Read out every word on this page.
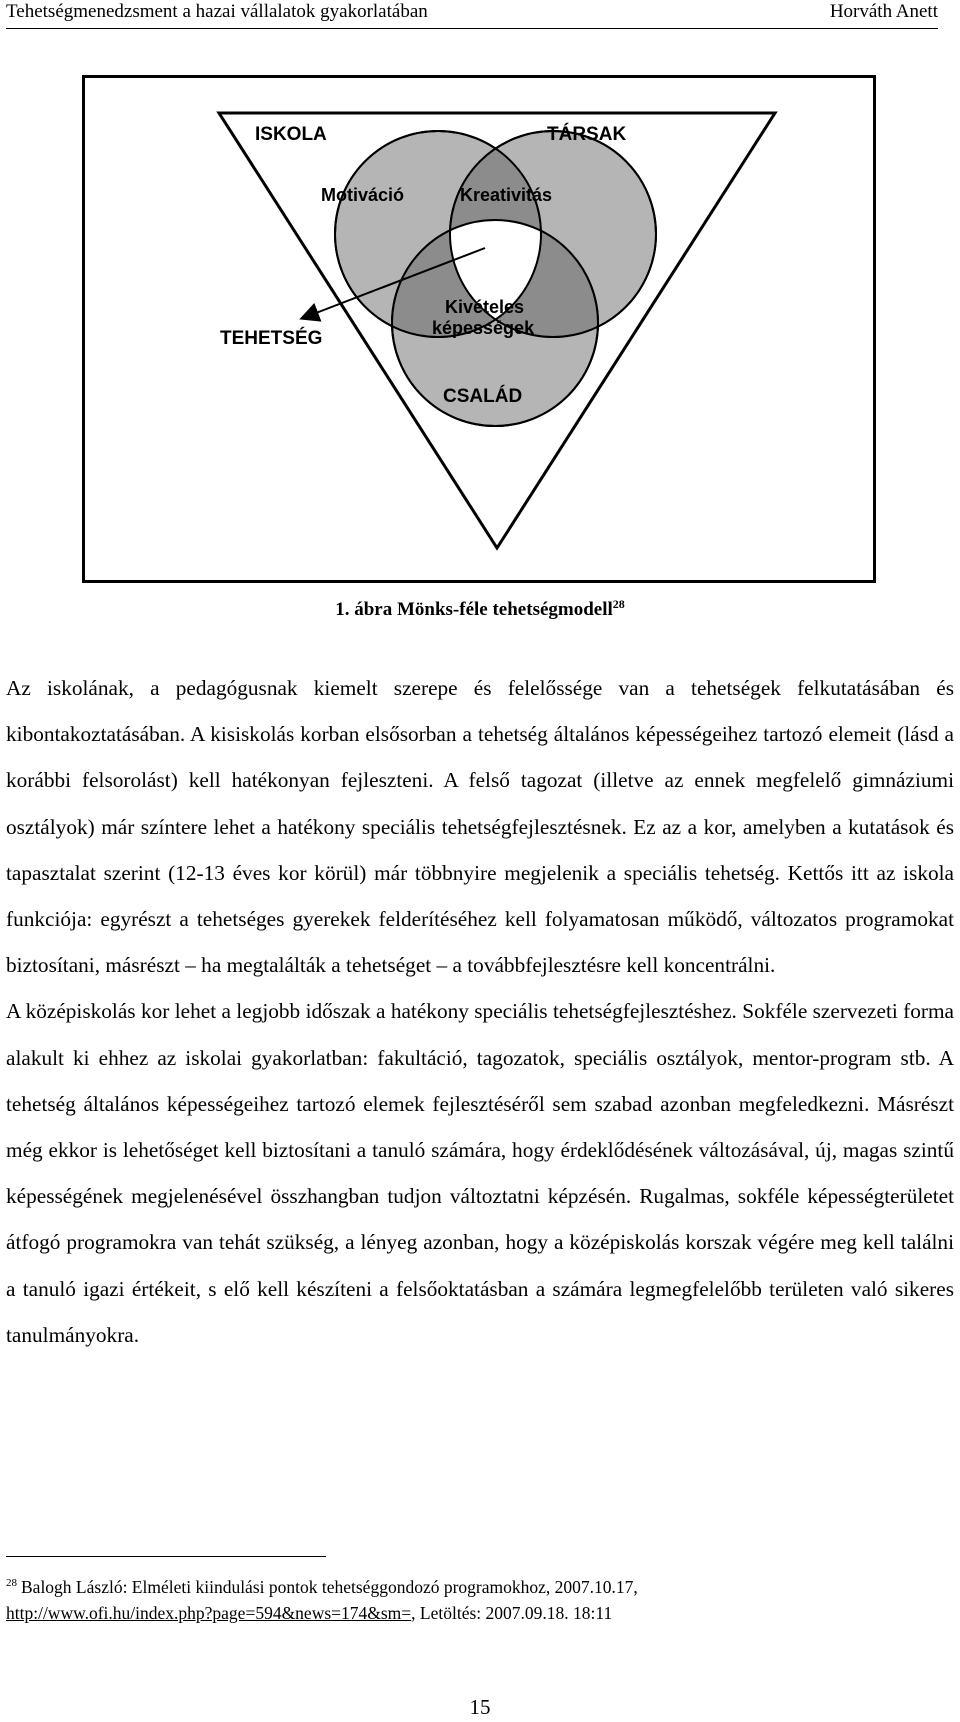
Tehetségmenedzsment a hazai vállalatok gyakorlatában	Horváth Anett
ISKOLA	TÁRSAK
Motiváció	Kreativitás
Kivételes
képességek
TEHETSÉG
CSALÁD
1. ábra Mönks-féle tehetségmodell$^{28}$

Az iskolának, a pedagógusnak kiemelt szerepe és felelőssége van a tehetségek felkutatásában és kibontakoztatásában. A kisiskolás korban elsősorban a tehetség általános képességeihez tartozó elemeit (lásd a korábbi felsorolást) kell hatékonyan fejleszteni. A felső tagozat (illetve az ennek megfelelő gimnáziumi osztályok) már színtere lehet a hatékony speciális tehetségfejlesztésnek. Ez az a kor, amelyben a kutatások és tapasztalat szerint (12-13 éves kor körül) már többnyire megjelenik a speciális tehetség. Kettős itt az iskola funkciója: egyrészt a tehetséges gyerekek felderítéséhez kell folyamatosan működő, változatos programokat biztosítani, másrészt – ha megtalálták a tehetséget – a továbbfejlesztésre kell koncentrálni.

A középiskolás kor lehet a legjobb időszak a hatékony speciális tehetségfejlesztéshez. Sokféle szervezeti forma alakult ki ehhez az iskolai gyakorlatban: fakultáció, tagozatok, speciális osztályok, mentor-program stb. A tehetség általános képességeihez tartozó elemek fejlesztéséről sem szabad azonban megfeledkezni. Másrészt még ekkor is lehetőséget kell biztosítani a tanuló számára, hogy érdeklődésének változásával, új, magas szintű képességének megjelenésével összhangban tudjon változtatni képzésén. Rugalmas, sokféle képességterületet átfogó programokra van tehát szükség, a lényeg azonban, hogy a középiskolás korszak végére meg kell találni a tanuló igazi értékeit, s elő kell készíteni a felsőoktatásban a számára legmegfelelőbb területen való sikeres tanulmányokra.

$^{28}$ Balogh László: Elméleti kiindulási pontok tehetséggondozó programokhoz, 2007.10.17,
http://www.ofi.hu/index.php?page=594&news=174&sm=, Letöltés: 2007.09.18. 18:11
15
